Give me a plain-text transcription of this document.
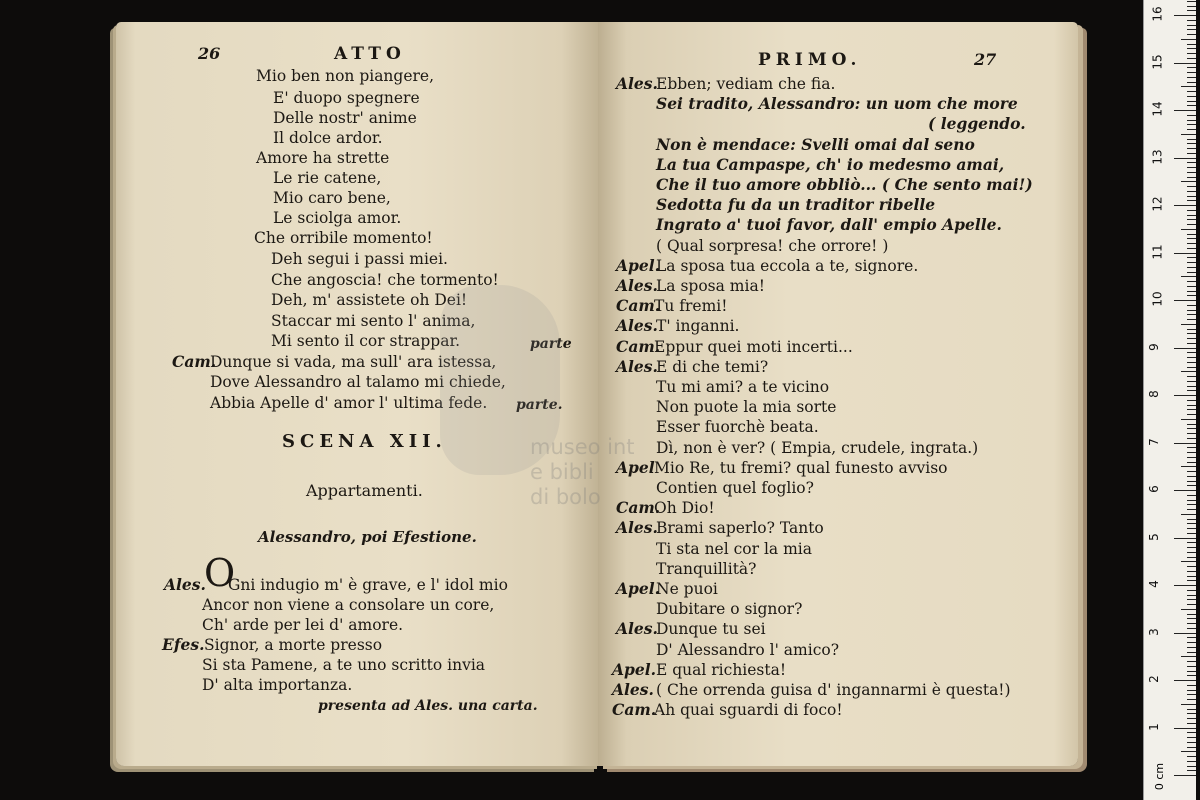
26	ATTO
Mio ben non piangere,
E' duopo spegnere
Delle nostr' anime
Il dolce ardor.
Amore ha strette
Le rie catene,
Mio caro bene,
Le sciolga amor.
Che orribile momento!
Deh segui i passi miei.
Che angoscia! che tormento!
Deh, m' assistete oh Dei!
Staccar mi sento l' anima,
Mi sento il cor strappar.	parte
Cam.
Dunque si vada, ma sull' ara istessa,
Dove Alessandro al talamo mi chiede,
Abbia Apelle d' amor l' ultima fede. parte.
SCENA XII.
Appartamenti.
Alessandro, poi Efestione.
Ales.
O
Gni indugio m' è grave, e l' idol mio
Ancor non viene a consolare un core,
Ch' arde per lei d' amore.
Efes. Signor, a morte presso
Si sta Pamene, a te uno scritto invia
D' alta importanza.
presenta ad Ales. una carta.
PRIMO.	27
Ales.
Ebben; vediam che fia.
Sei tradito, Alessandro: un uom che more
( leggendo.
Non è mendace: Svelli omai dal seno
La tua Campaspe, ch' io medesmo amai,
Che il tuo amore obbliò... ( Che sento mai!)
Sedotta fu da un traditor ribelle
Ingrato a' tuoi favor, dall' empio Apelle.
( Qual sorpresa! che orrore! )
Apel.
La sposa tua eccola a te, signore.
Ales.
La sposa mia!
Cam.
Tu fremi!
Ales.
T' inganni.
Cam.
Eppur quei moti incerti...
Ales.
E di che temi?
Tu mi ami? a te vicino
Non puote la mia sorte
Esser fuorchè beata.
Dì, non è ver? ( Empia, crudele, ingrata.)
Apel Mio Re, tu fremi? qual funesto avviso
Contien quel foglio?
Cam.
Oh Dio!
Ales.
Brami saperlo? Tanto
Ti sta nel cor la mia
Tranquillità?
Apel.
Ne puoi
Dubitare o signor?
Ales.
Dunque tu sei
D' Alessandro l' amico?
Apel. E qual richiesta!
Ales. ( Che orrenda guisa d' ingannarmi è questa!)
Cam.
Ah quai sguardi di foco!
museo int
e bibli
di bolo
0 cm
1
2
3
4
5
6
7
8
9
10
11
12
13
14
15
16
